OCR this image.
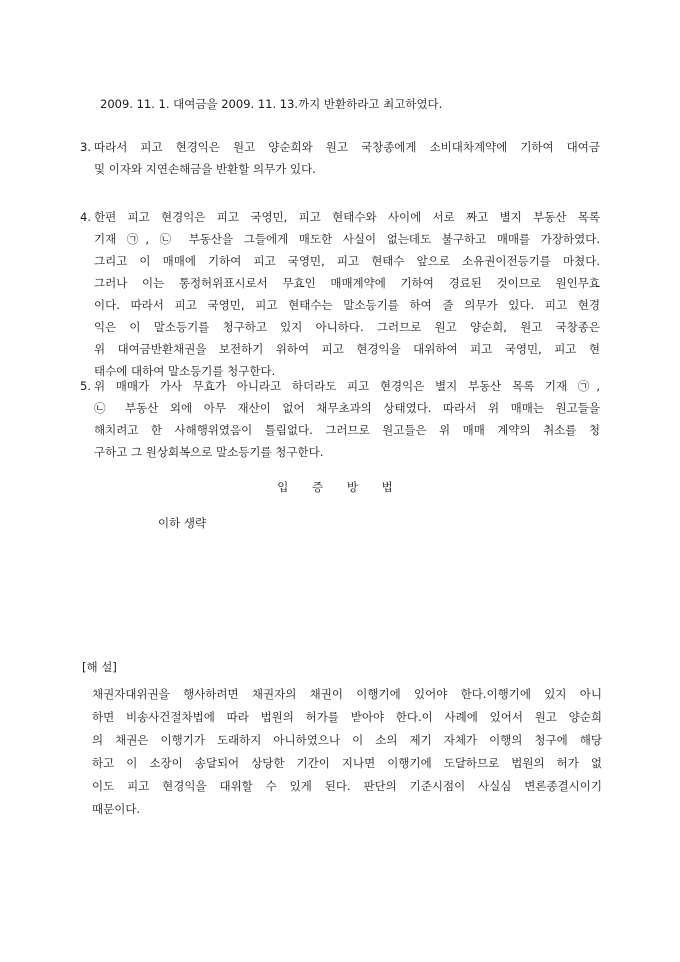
2009. 11. 1. 대여금을 2009. 11. 13.까지 반환하라고 최고하였다.
3. 따라서 피고 현경익은 원고 양순희와 원고 국창종에게 소비대차계약에 기하여 대여금
및 이자와 지연손해금을 반환할 의무가 있다.
4. 한편 피고 현경익은 피고 국영민, 피고 현태수와 사이에 서로 짜고 별지 부동산 목록
기재 ㉠, ㉡ 부동산을 그들에게 매도한 사실이 없는데도 불구하고 매매를 가장하였다.
그리고 이 매매에 기하여 피고 국영민, 피고 현태수 앞으로 소유권이전등기를 마쳤다.
그러나 이는 통정허위표시로서 무효인 매매계약에 기하여 경료된 것이므로 원인무효
이다. 따라서 피고 국영민, 피고 현태수는 말소등기를 하여 줄 의무가 있다. 피고 현경
익은 이 말소등기를 청구하고 있지 아니하다. 그러므로 원고 양순희, 원고 국창종은
위 대여금반환채권을 보전하기 위하여 피고 현경익을 대위하여 피고 국영민, 피고 현
태수에 대하여 말소등기를 청구한다.
5. 위 매매가 가사 무효가 아니라고 하더라도 피고 현경익은 별지 부동산 목록 기재 ㉠,
㉡ 부동산 외에 아무 재산이 없어 채무초과의 상태였다. 따라서 위 매매는 원고들을
해치려고 한 사해행위였음이 틀림없다. 그러므로 원고들은 위 매매 계약의 취소를 청
구하고 그 원상회복으로 말소등기를 청구한다.
입 증 방 법
이하 생략
[해 설]
채권자대위권을 행사하려면 채권자의 채권이 이행기에 있어야 한다.이행기에 있지 아니
하면 비송사건절차법에 따라 법원의 허가를 받아야 한다.이 사례에 있어서 원고 양순희
의 채권은 이행기가 도래하지 아니하였으나 이 소의 제기 자체가 이행의 청구에 해당
하고 이 소장이 송달되어 상당한 기간이 지나면 이행기에 도달하므로 법원의 허가 없
이도 피고 현경익을 대위할 수 있게 된다. 판단의 기준시점이 사실심 변론종결시이기
때문이다.
